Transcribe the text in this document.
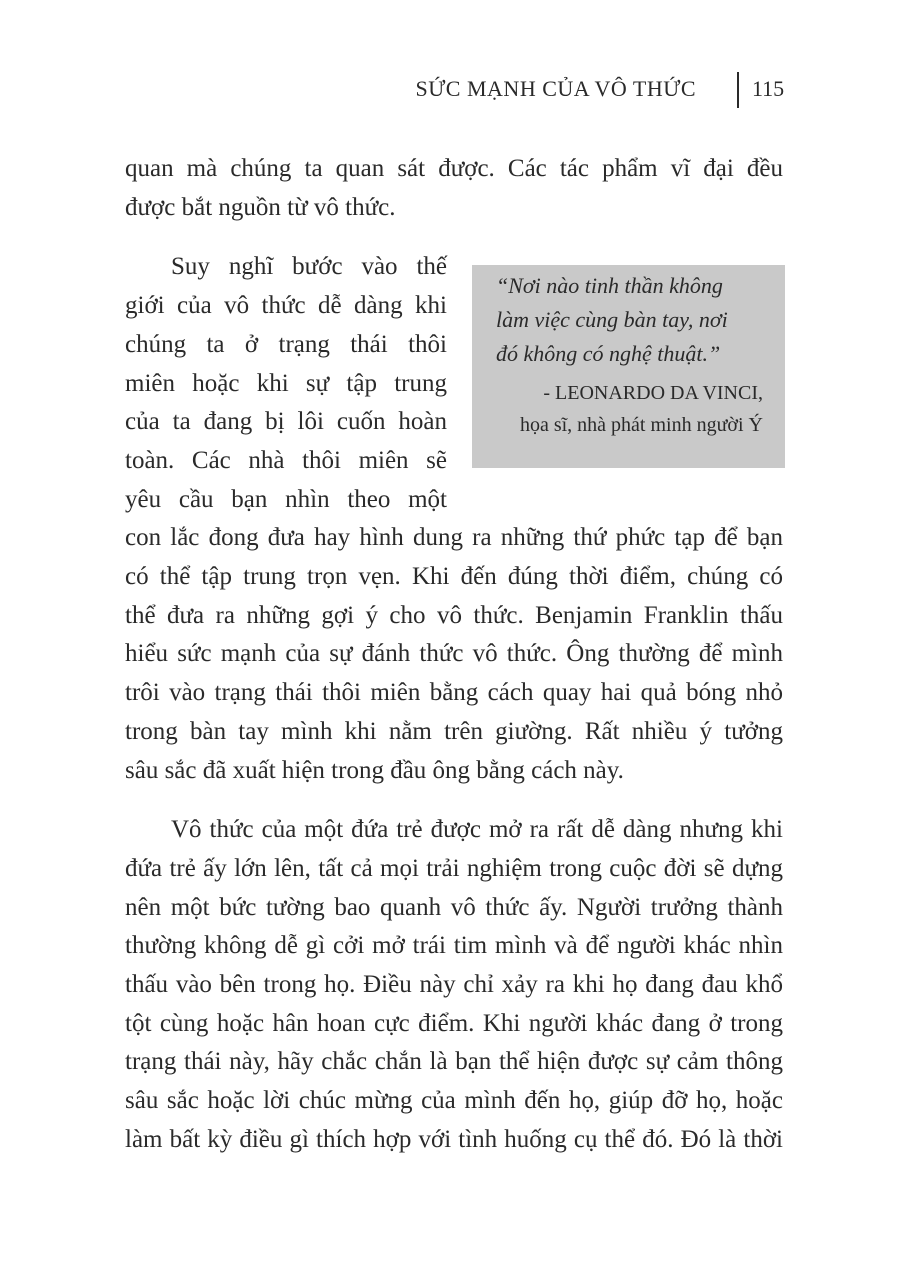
SỨC MẠNH CỦA VÔ THỨC	115
quan mà chúng ta quan sát được. Các tác phẩm vĩ đại đều
được bắt nguồn từ vô thức.
Suy nghĩ bước vào thế
giới của vô thức dễ dàng khi
chúng ta ở trạng thái thôi
miên hoặc khi sự tập trung
của ta đang bị lôi cuốn hoàn
toàn. Các nhà thôi miên sẽ
yêu cầu bạn nhìn theo một
con lắc đong đưa hay hình dung ra những thứ phức tạp để bạn
có thể tập trung trọn vẹn. Khi đến đúng thời điểm, chúng có
thể đưa ra những gợi ý cho vô thức. Benjamin Franklin thấu
hiểu sức mạnh của sự đánh thức vô thức. Ông thường để mình
trôi vào trạng thái thôi miên bằng cách quay hai quả bóng nhỏ
trong bàn tay mình khi nằm trên giường. Rất nhiều ý tưởng
sâu sắc đã xuất hiện trong đầu ông bằng cách này.
Vô thức của một đứa trẻ được mở ra rất dễ dàng nhưng khi
đứa trẻ ấy lớn lên, tất cả mọi trải nghiệm trong cuộc đời sẽ dựng
nên một bức tường bao quanh vô thức ấy. Người trưởng thành
thường không dễ gì cởi mở trái tim mình và để người khác nhìn
thấu vào bên trong họ. Điều này chỉ xảy ra khi họ đang đau khổ
tột cùng hoặc hân hoan cực điểm. Khi người khác đang ở trong
trạng thái này, hãy chắc chắn là bạn thể hiện được sự cảm thông
sâu sắc hoặc lời chúc mừng của mình đến họ, giúp đỡ họ, hoặc
làm bất kỳ điều gì thích hợp với tình huống cụ thể đó. Đó là thời
“Nơi nào tinh thần không
làm việc cùng bàn tay, nơi
đó không có nghệ thuật.”

- LEONARDO DA VINCI,

họa sĩ, nhà phát minh người Ý
